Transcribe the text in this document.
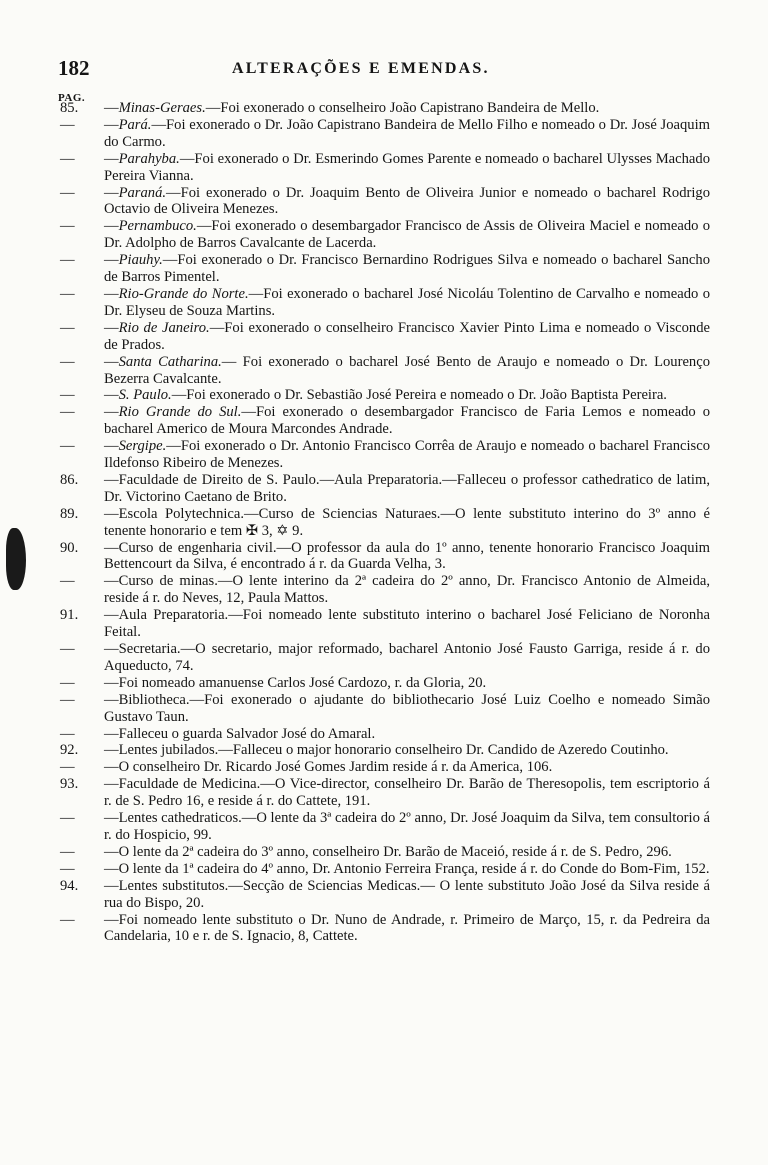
182	ALTERAÇÕES E EMENDAS.
PAG.

85. —Minas-Geraes.—Foi exonerado o conselheiro João Capistrano Bandeira de Mello.

— —Pará.—Foi exonerado o Dr. João Capistrano Bandeira de Mello Filho e nomeado o Dr. José Joaquim do Carmo.

— —Parahyba.—Foi exonerado o Dr. Esmerindo Gomes Parente e nomeado o bacharel Ulysses Machado Pereira Vianna.

— —Paraná.—Foi exonerado o Dr. Joaquim Bento de Oliveira Junior e nomeado o bacharel Rodrigo Octavio de Oliveira Menezes.

— —Pernambuco.—Foi exonerado o desembargador Francisco de Assis de Oliveira Maciel e nomeado o Dr. Adolpho de Barros Cavalcante de Lacerda.

— —Piauhy.—Foi exonerado o Dr. Francisco Bernardino Rodrigues Silva e nomeado o bacharel Sancho de Barros Pimentel.

— —Rio-Grande do Norte.—Foi exonerado o bacharel José Nicoláu Tolentino de Carvalho e nomeado o Dr. Elyseu de Souza Martins.

— —Rio de Janeiro.—Foi exonerado o conselheiro Francisco Xavier Pinto Lima e nomeado o Visconde de Prados.

— —Santa Catharina.— Foi exonerado o bacharel José Bento de Araujo e nomeado o Dr. Lourenço Bezerra Cavalcante.

— —S. Paulo.—Foi exonerado o Dr. Sebastião José Pereira e nomeado o Dr. João Baptista Pereira.

— —Rio Grande do Sul.—Foi exonerado o desembargador Francisco de Faria Lemos e nomeado o bacharel Americo de Moura Marcondes Andrade.

— —Sergipe.—Foi exonerado o Dr. Antonio Francisco Corrêa de Araujo e nomeado o bacharel Francisco Ildefonso Ribeiro de Menezes.

86. —Faculdade de Direito de S. Paulo.—Aula Preparatoria.—Falleceu o professor cathedratico de latim, Dr. Victorino Caetano de Brito.

89. —Escola Polytechnica.—Curso de Sciencias Naturaes.—O lente substituto interino do 3º anno é tenente honorario e tem ✠ 3, ✡ 9.

90. —Curso de engenharia civil.—O professor da aula do 1º anno, tenente honorario Francisco Joaquim Bettencourt da Silva, é encontrado á r. da Guarda Velha, 3.

— —Curso de minas.—O lente interino da 2ª cadeira do 2º anno, Dr. Francisco Antonio de Almeida, reside á r. do Neves, 12, Paula Mattos.

91. —Aula Preparatoria.—Foi nomeado lente substituto interino o bacharel José Feliciano de Noronha Feital.

— —Secretaria.—O secretario, major reformado, bacharel Antonio José Fausto Garriga, reside á r. do Aqueducto, 74.

— —Foi nomeado amanuense Carlos José Cardozo, r. da Gloria, 20.

— —Bibliotheca.—Foi exonerado o ajudante do bibliothecario José Luiz Coelho e nomeado Simão Gustavo Taun.

— —Falleceu o guarda Salvador José do Amaral.

92. —Lentes jubilados.—Falleceu o major honorario conselheiro Dr. Candido de Azeredo Coutinho.

— —O conselheiro Dr. Ricardo José Gomes Jardim reside á r. da America, 106.

93. —Faculdade de Medicina.—O Vice-director, conselheiro Dr. Barão de Theresopolis, tem escriptorio á r. de S. Pedro 16, e reside á r. do Cattete, 191.

— —Lentes cathedraticos.—O lente da 3ª cadeira do 2º anno, Dr. José Joaquim da Silva, tem consultorio á r. do Hospicio, 99.

— —O lente da 2ª cadeira do 3º anno, conselheiro Dr. Barão de Maceió, reside á r. de S. Pedro, 296.

— —O lente da 1ª cadeira do 4º anno, Dr. Antonio Ferreira França, reside á r. do Conde do Bom-Fim, 152.

94. —Lentes substitutos.—Secção de Sciencias Medicas.— O lente substituto João José da Silva reside á rua do Bispo, 20.

— —Foi nomeado lente substituto o Dr. Nuno de Andrade, r. Primeiro de Março, 15, r. da Pedreira da Candelaria, 10 e r. de S. Ignacio, 8, Cattete.
